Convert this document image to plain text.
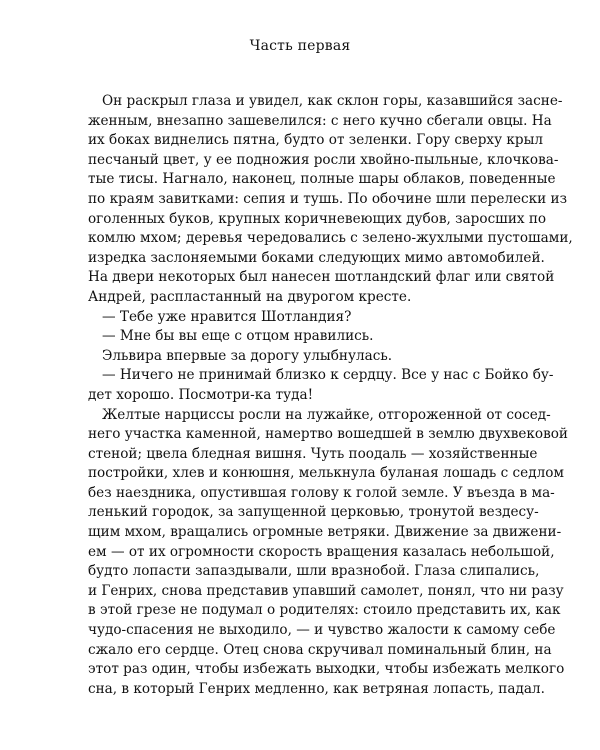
Часть первая
Он раскрыл глаза и увидел, как склон горы, казавшийся засне-
женным, внезапно зашевелился: с него кучно сбегали овцы. На
их боках виднелись пятна, будто от зеленки. Гору сверху крыл
песчаный цвет, у ее подножия росли хвойно-пыльные, клочкова-
тые тисы. Нагнало, наконец, полные шары облаков, поведенные
по краям завитками: сепия и тушь. По обочине шли перелески из
оголенных буков, крупных коричневеющих дубов, заросших по
комлю мхом; деревья чередовались с зелено-жухлыми пустошами,
изредка заслоняемыми боками следующих мимо автомобилей.
На двери некоторых был нанесен шотландский флаг или святой
Андрей, распластанный на двурогом кресте.
— Тебе уже нравится Шотландия?
— Мне бы вы еще с отцом нравились.
Эльвира впервые за дорогу улыбнулась.
— Ничего не принимай близко к сердцу. Все у нас с Бойко бу-
дет хорошо. Посмотри-ка туда!
Желтые нарциссы росли на лужайке, отгороженной от сосед-
него участка каменной, намертво вошедшей в землю двухвековой
стеной; цвела бледная вишня. Чуть поодаль — хозяйственные
постройки, хлев и конюшня, мелькнула буланая лошадь с седлом
без наездника, опустившая голову к голой земле. У въезда в ма-
ленький городок, за запущенной церковью, тронутой вездесу-
щим мхом, вращались огромные ветряки. Движение за движени-
ем — от их огромности скорость вращения казалась небольшой,
будто лопасти запаздывали, шли вразнобой. Глаза слипались,
и Генрих, снова представив упавший самолет, понял, что ни разу
в этой грезе не подумал о родителях: стоило представить их, как
чудо-спасения не выходило, — и чувство жалости к самому себе
сжало его сердце. Отец снова скручивал поминальный блин, на
этот раз один, чтобы избежать выходки, чтобы избежать мелкого
сна, в который Генрих медленно, как ветряная лопасть, падал.
